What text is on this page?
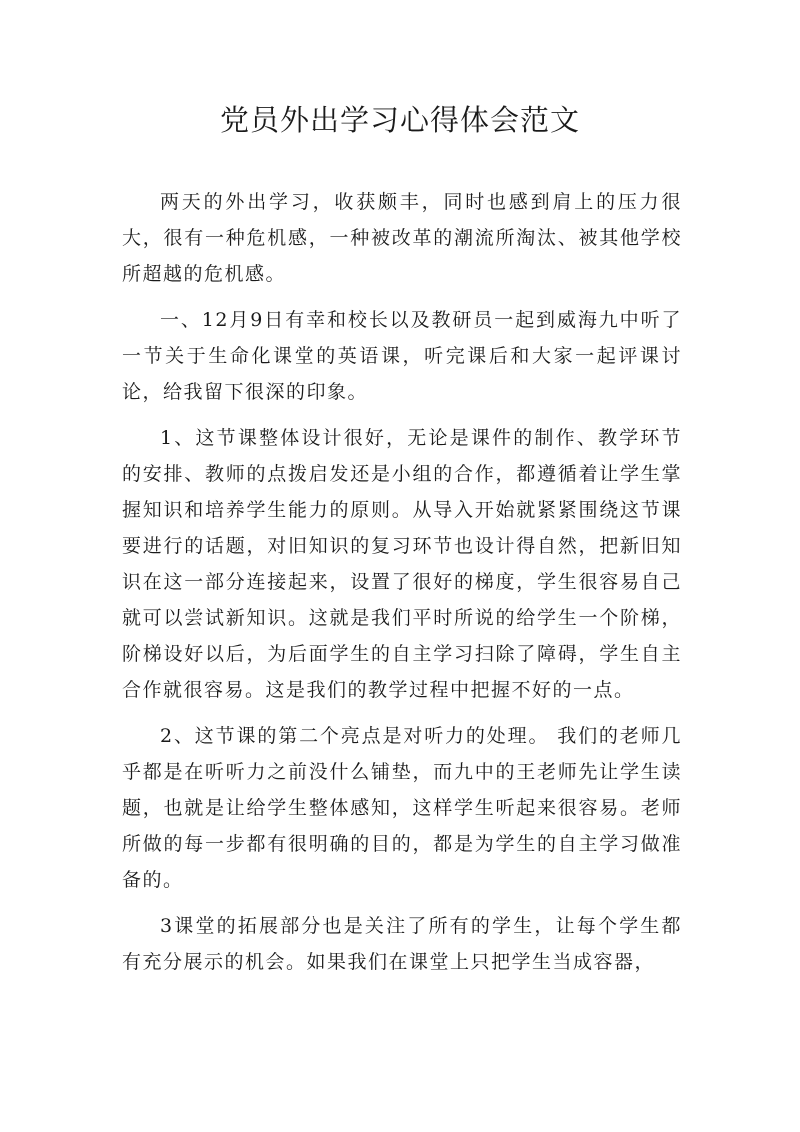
党员外出学习心得体会范文

两天的外出学习，收获颇丰，同时也感到肩上的压力很大，很有一种危机感，一种被改革的潮流所淘汰、被其他学校所超越的危机感。

一、12月9日有幸和校长以及教研员一起到威海九中听了一节关于生命化课堂的英语课，听完课后和大家一起评课讨论，给我留下很深的印象。

1、这节课整体设计很好，无论是课件的制作、教学环节的安排、教师的点拨启发还是小组的合作，都遵循着让学生掌握知识和培养学生能力的原则。从导入开始就紧紧围绕这节课要进行的话题，对旧知识的复习环节也设计得自然，把新旧知识在这一部分连接起来，设置了很好的梯度，学生很容易自己就可以尝试新知识。这就是我们平时所说的给学生一个阶梯，阶梯设好以后，为后面学生的自主学习扫除了障碍，学生自主合作就很容易。这是我们的教学过程中把握不好的一点。

2、这节课的第二个亮点是对听力的处理。 我们的老师几乎都是在听听力之前没什么铺垫，而九中的王老师先让学生读题，也就是让给学生整体感知，这样学生听起来很容易。老师所做的每一步都有很明确的目的，都是为学生的自主学习做准备的。

3课堂的拓展部分也是关注了所有的学生，让每个学生都有充分展示的机会。如果我们在课堂上只把学生当成容器，
